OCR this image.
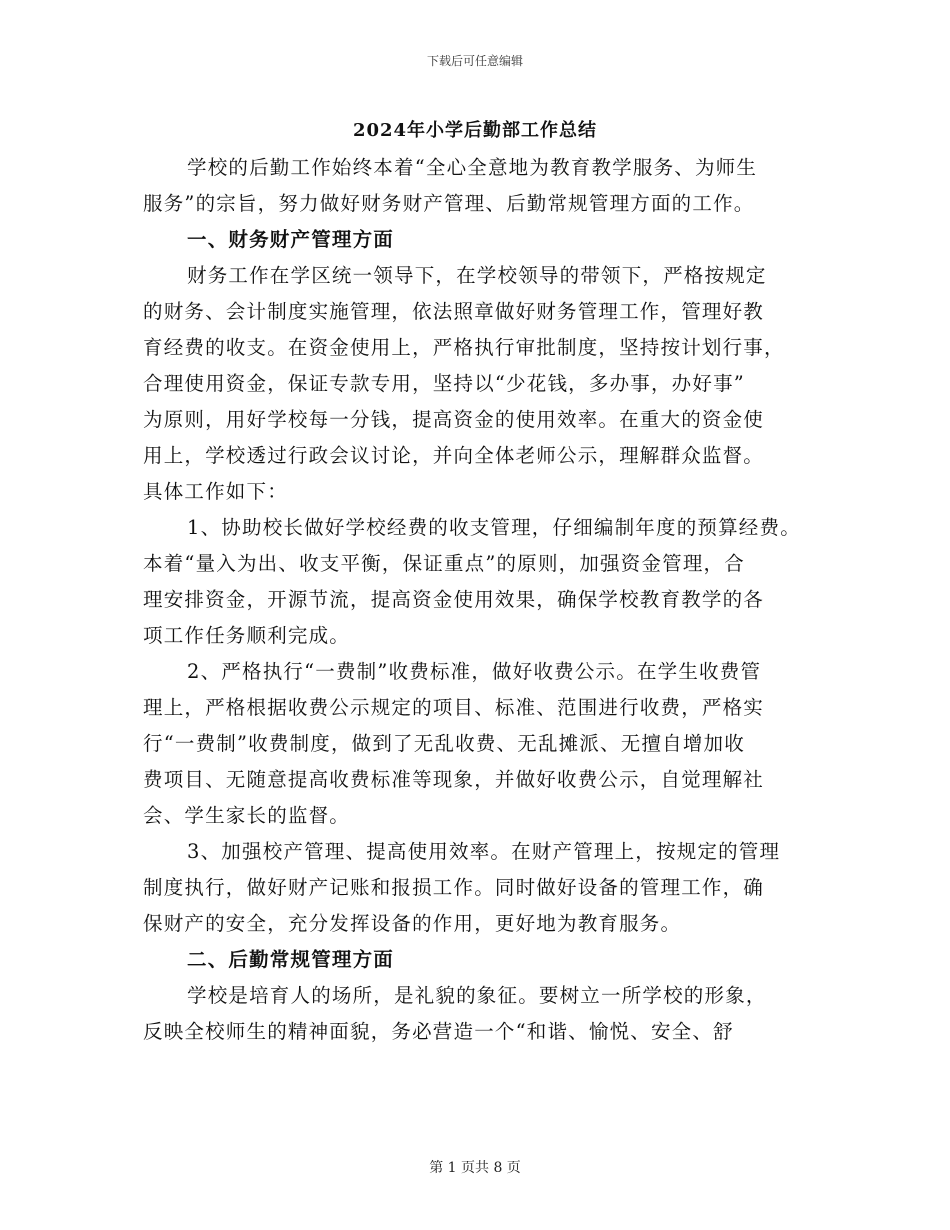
下载后可任意编辑
2024年小学后勤部工作总结
学校的后勤工作始终本着“全心全意地为教育教学服务、为师生
服务”的宗旨，努力做好财务财产管理、后勤常规管理方面的工作。
一、财务财产管理方面
财务工作在学区统一领导下，在学校领导的带领下，严格按规定
的财务、会计制度实施管理，依法照章做好财务管理工作，管理好教
育经费的收支。在资金使用上，严格执行审批制度，坚持按计划行事，
合理使用资金，保证专款专用，坚持以“少花钱，多办事，办好事”
为原则，用好学校每一分钱，提高资金的使用效率。在重大的资金使
用上，学校透过行政会议讨论，并向全体老师公示，理解群众监督。
具体工作如下：
1、协助校长做好学校经费的收支管理，仔细编制年度的预算经费。
本着“量入为出、收支平衡，保证重点”的原则，加强资金管理，合
理安排资金，开源节流，提高资金使用效果，确保学校教育教学的各
项工作任务顺利完成。
2、严格执行“一费制”收费标准，做好收费公示。在学生收费管
理上，严格根据收费公示规定的项目、标准、范围进行收费，严格实
行“一费制”收费制度，做到了无乱收费、无乱摊派、无擅自增加收
费项目、无随意提高收费标准等现象，并做好收费公示，自觉理解社
会、学生家长的监督。
3、加强校产管理、提高使用效率。在财产管理上，按规定的管理
制度执行，做好财产记账和报损工作。同时做好设备的管理工作，确
保财产的安全，充分发挥设备的作用，更好地为教育服务。
二、后勤常规管理方面
学校是培育人的场所，是礼貌的象征。要树立一所学校的形象，
反映全校师生的精神面貌，务必营造一个“和谐、愉悦、安全、舒
第 1 页共 8 页
